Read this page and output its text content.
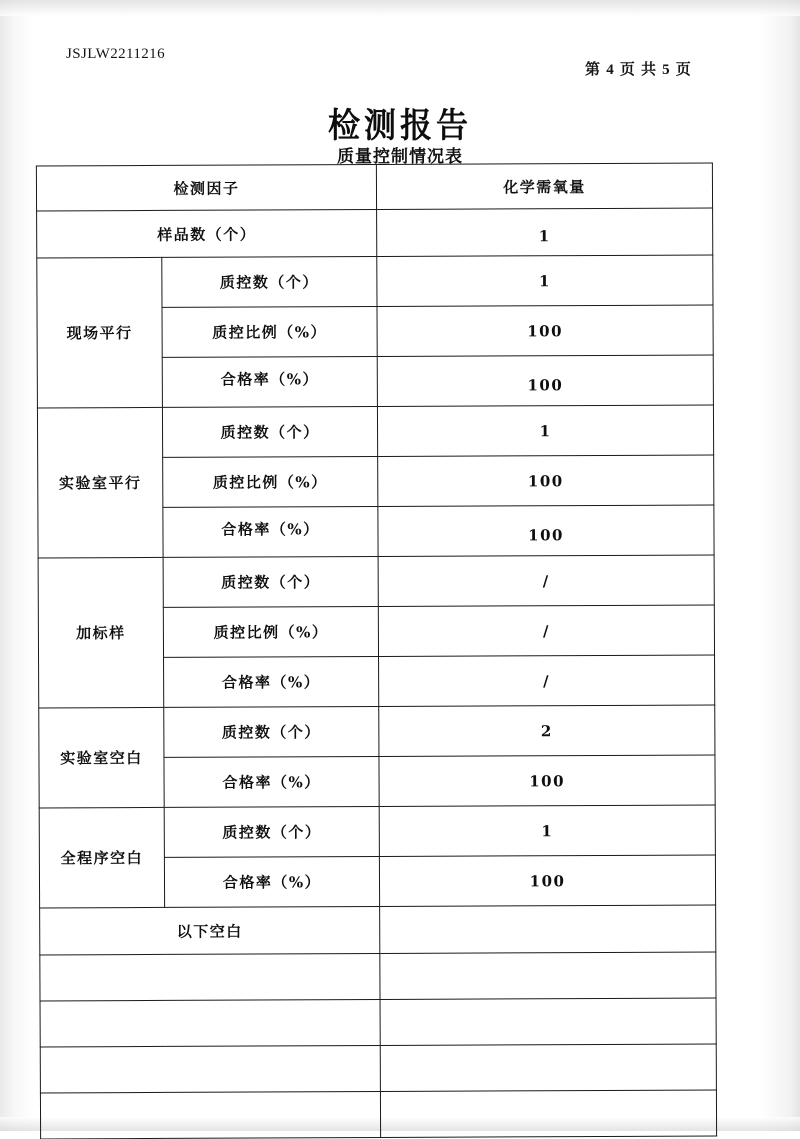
JSJLW2211216
第 4 页 共 5 页
检测报告
质量控制情况表
检测因子		化学需氧量
样品数（个）		1
现场平行	质控数（个）	1
	质控比例（%）	100
	合格率（%）	100
实验室平行	质控数（个）	1
	质控比例（%）	100
	合格率（%）	100
加标样	质控数（个）	/
	质控比例（%）	/
	合格率（%）	/
实验室空白	质控数（个）	2
	合格率（%）	100
全程序空白	质控数（个）	1
	合格率（%）	100
以下空白		
